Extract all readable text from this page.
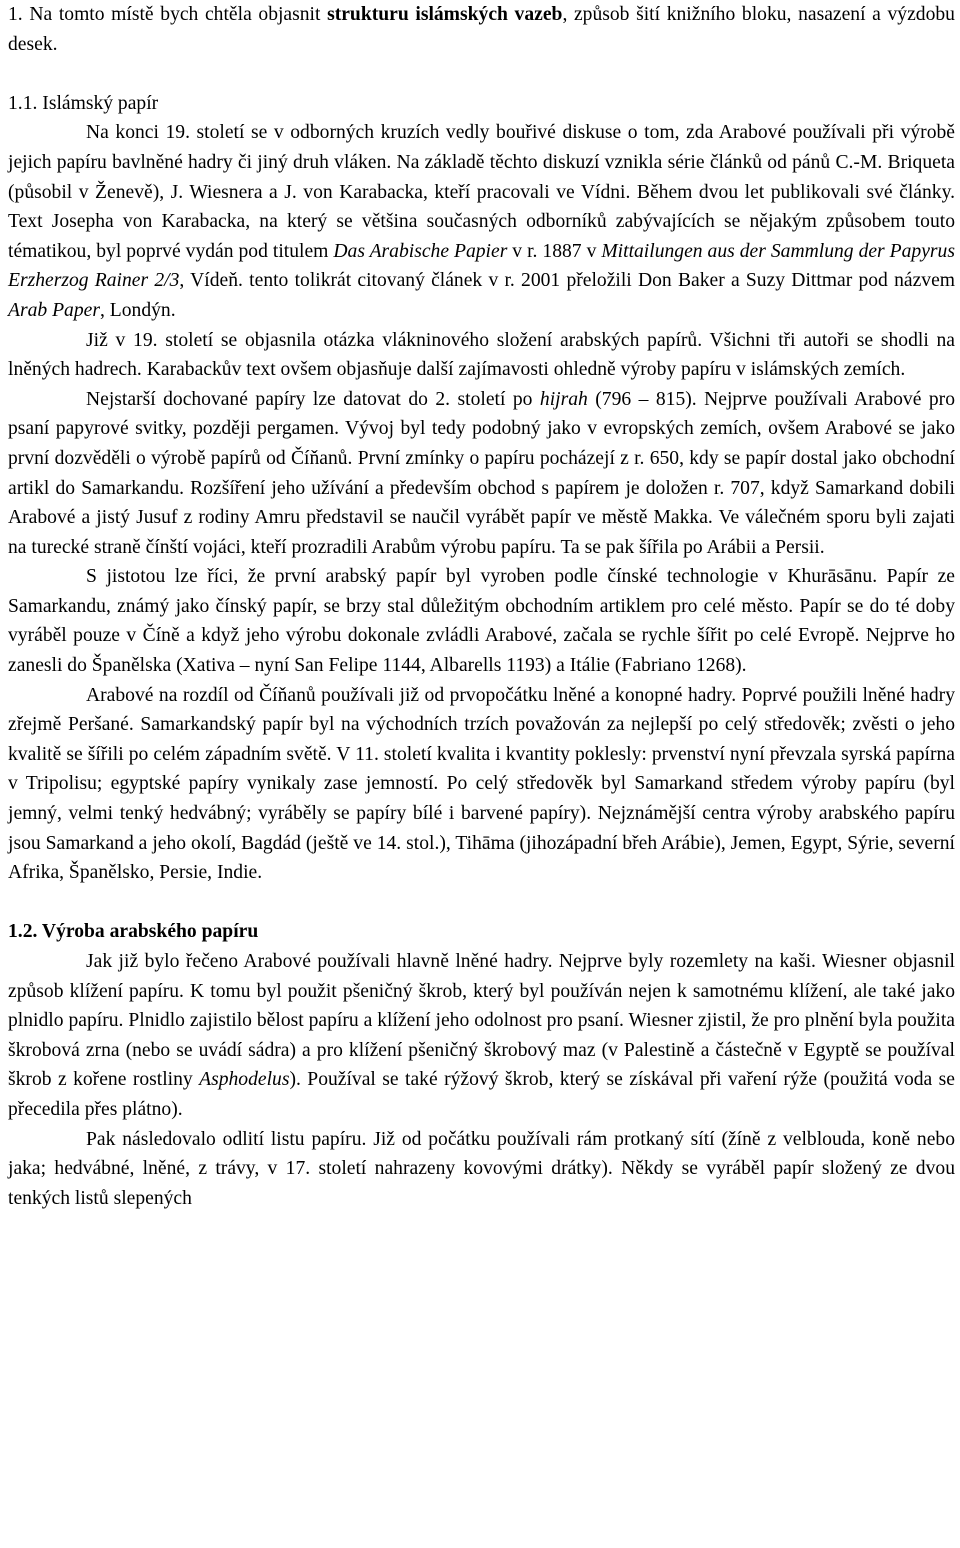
1. Na tomto místě bych chtěla objasnit strukturu islámských vazeb, způsob šití knižního bloku, nasazení a výzdobu desek.

1.1. Islámský papír

Na konci 19. století se v odborných kruzích vedly bouřivé diskuse o tom, zda Arabové používali při výrobě jejich papíru bavlněné hadry či jiný druh vláken. Na základě těchto diskuzí vznikla série článků od pánů C.-M. Briqueta (působil v Ženevě), J. Wiesnera a J. von Karabacka, kteří pracovali ve Vídni. Během dvou let publikovali své články. Text Josepha von Karabacka, na který se většina současných odborníků zabývajících se nějakým způsobem touto tématikou, byl poprvé vydán pod titulem Das Arabische Papier v r. 1887 v Mittailungen aus der Sammlung der Papyrus Erzherzog Rainer 2/3, Vídeň. tento tolikrát citovaný článek v r. 2001 přeložili Don Baker a Suzy Dittmar pod názvem Arab Paper, Londýn.

Již v 19. století se objasnila otázka vlákninového složení arabských papírů. Všichni tři autoři se shodli na lněných hadrech. Karabackův text ovšem objasňuje další zajímavosti ohledně výroby papíru v islámských zemích.

Nejstarší dochované papíry lze datovat do 2. století po hijrah (796 – 815). Nejprve používali Arabové pro psaní papyrové svitky, později pergamen. Vývoj byl tedy podobný jako v evropských zemích, ovšem Arabové se jako první dozvěděli o výrobě papírů od Číňanů. První zmínky o papíru pocházejí z r. 650, kdy se papír dostal jako obchodní artikl do Samarkandu. Rozšíření jeho užívání a především obchod s papírem je doložen r. 707, když Samarkand dobili Arabové a jistý Jusuf z rodiny Amru představil se naučil vyrábět papír ve městě Makka. Ve válečném sporu byli zajati na turecké straně čínští vojáci, kteří prozradili Arabům výrobu papíru. Ta se pak šířila po Arábii a Persii.

S jistotou lze říci, že první arabský papír byl vyroben podle čínské technologie v Khurāsānu. Papír ze Samarkandu, známý jako čínský papír, se brzy stal důležitým obchodním artiklem pro celé město. Papír se do té doby vyráběl pouze v Číně a když jeho výrobu dokonale zvládli Arabové, začala se rychle šířit po celé Evropě. Nejprve ho zanesli do Španělska (Xativa – nyní San Felipe 1144, Albarells 1193) a Itálie (Fabriano 1268).

Arabové na rozdíl od Číňanů používali již od prvopočátku lněné a konopné hadry. Poprvé použili lněné hadry zřejmě Peršané. Samarkandský papír byl na východních trzích považován za nejlepší po celý středověk; zvěsti o jeho kvalitě se šířili po celém západním světě. V 11. století kvalita i kvantity poklesly: prvenství nyní převzala syrská papírna v Tripolisu; egyptské papíry vynikaly zase jemností. Po celý středověk byl Samarkand středem výroby papíru (byl jemný, velmi tenký hedvábný; vyráběly se papíry bílé i barvené papíry). Nejznámější centra výroby arabského papíru jsou Samarkand a jeho okolí, Bagdád (ještě ve 14. stol.), Tihāma (jihozápadní břeh Arábie), Jemen, Egypt, Sýrie, severní Afrika, Španělsko, Persie, Indie.

1.2. Výroba arabského papíru

Jak již bylo řečeno Arabové používali hlavně lněné hadry. Nejprve byly rozemlety na kaši. Wiesner objasnil způsob klížení papíru. K tomu byl použit pšeničný škrob, který byl používán nejen k samotnému klížení, ale také jako plnidlo papíru. Plnidlo zajistilo bělost papíru a klížení jeho odolnost pro psaní. Wiesner zjistil, že pro plnění byla použita škrobová zrna (nebo se uvádí sádra) a pro klížení pšeničný škrobový maz (v Palestině a částečně v Egyptě se používal škrob z kořene rostliny Asphodelus). Používal se také rýžový škrob, který se získával při vaření rýže (použitá voda se přecedila přes plátno).

Pak následovalo odlití listu papíru. Již od počátku používali rám protkaný sítí (žíně z velblouda, koně nebo jaka; hedvábné, lněné, z trávy, v 17. století nahrazeny kovovými drátky). Někdy se vyráběl papír složený ze dvou tenkých listů slepených
